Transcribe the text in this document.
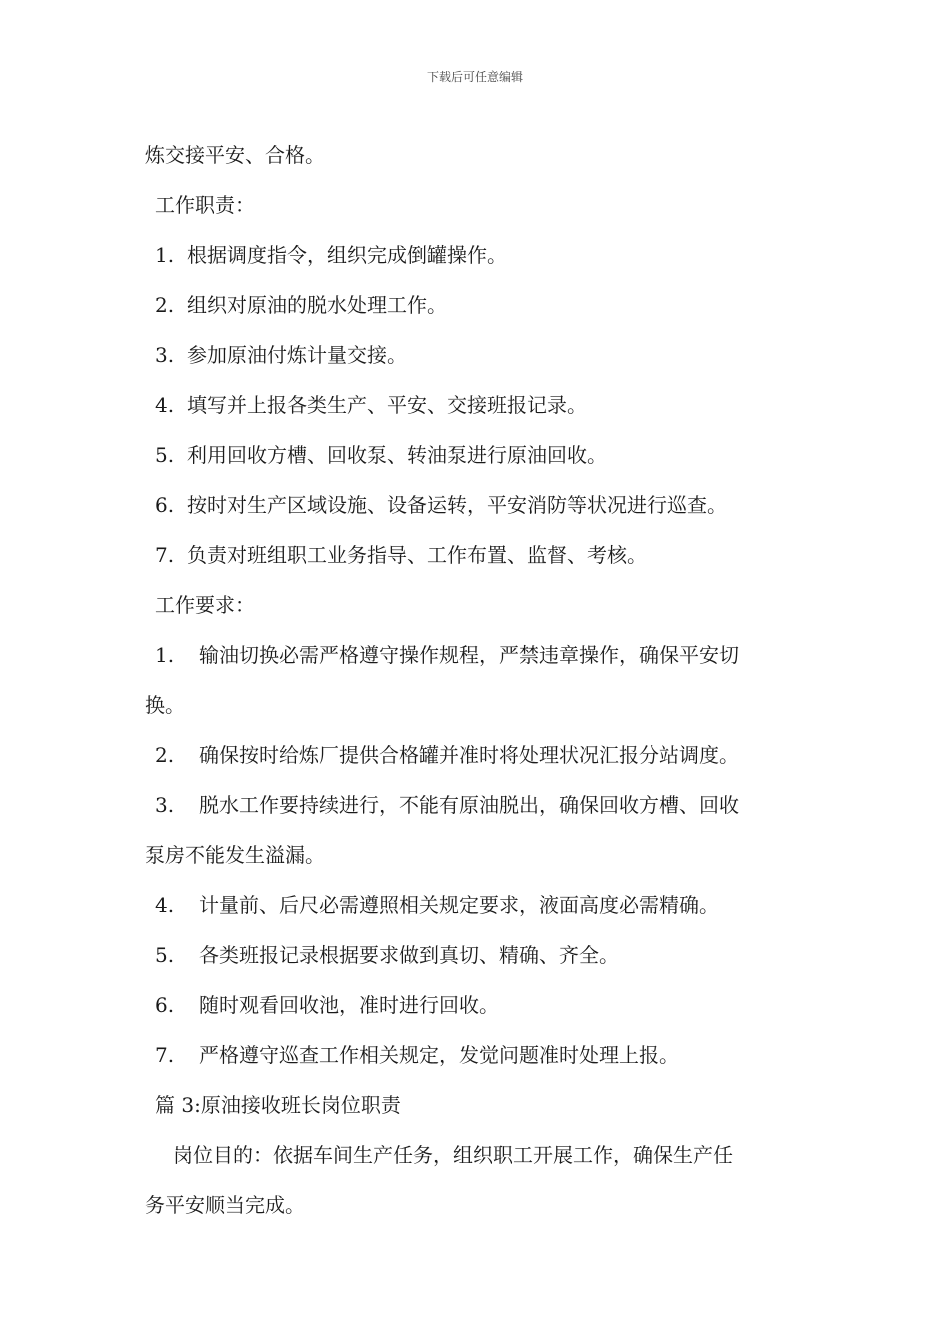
下载后可任意编辑
炼交接平安、合格。
工作职责：
1. 根据调度指令，组织完成倒罐操作。
2. 组织对原油的脱水处理工作。
3. 参加原油付炼计量交接。
4. 填写并上报各类生产、平安、交接班报记录。
5. 利用回收方槽、回收泵、转油泵进行原油回收。
6. 按时对生产区域设施、设备运转，平安消防等状况进行巡查。
7. 负责对班组职工业务指导、工作布置、监督、考核。
工作要求：
1. 输油切换必需严格遵守操作规程，严禁违章操作，确保平安切
换。
2. 确保按时给炼厂提供合格罐并准时将处理状况汇报分站调度。
3. 脱水工作要持续进行，不能有原油脱出，确保回收方槽、回收
泵房不能发生溢漏。
4. 计量前、后尺必需遵照相关规定要求，液面高度必需精确。
5. 各类班报记录根据要求做到真切、精确、齐全。
6. 随时观看回收池，准时进行回收。
7. 严格遵守巡查工作相关规定，发觉问题准时处理上报。
篇 3:原油接收班长岗位职责
岗位目的：依据车间生产任务，组织职工开展工作，确保生产任
务平安顺当完成。
